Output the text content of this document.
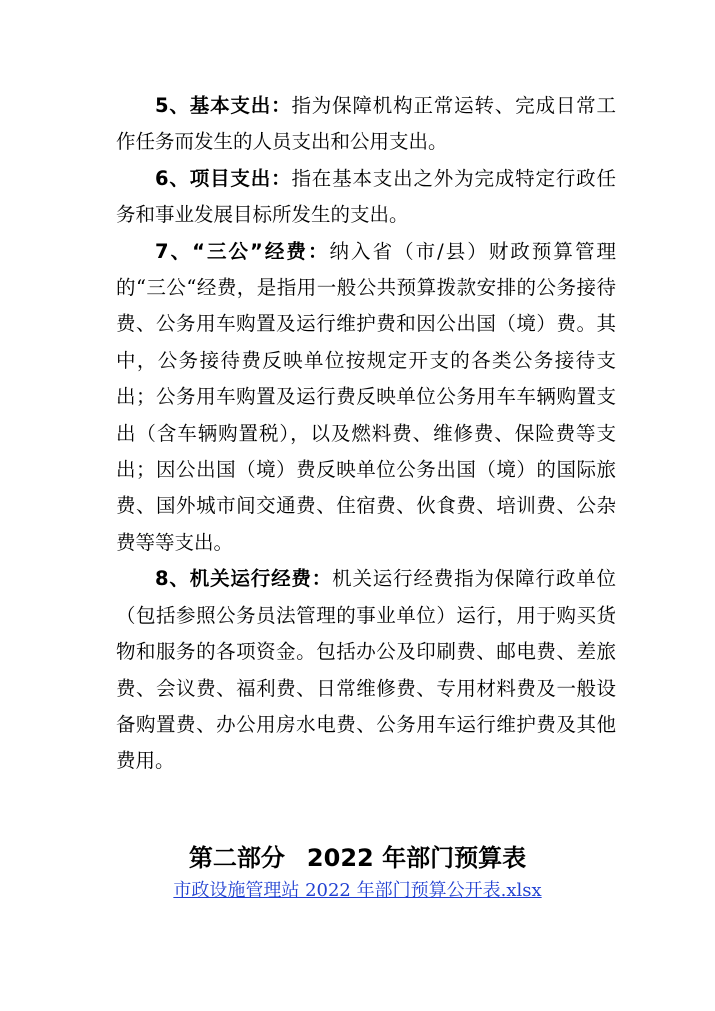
5、基本支出：指为保障机构正常运转、完成日常工作任务而发生的人员支出和公用支出。

6、项目支出：指在基本支出之外为完成特定行政任务和事业发展目标所发生的支出。

7、“三公”经费：纳入省（市/县）财政预算管理的“三公“经费，是指用一般公共预算拨款安排的公务接待费、公务用车购置及运行维护费和因公出国（境）费。其中，公务接待费反映单位按规定开支的各类公务接待支出；公务用车购置及运行费反映单位公务用车车辆购置支出（含车辆购置税），以及燃料费、维修费、保险费等支出；因公出国（境）费反映单位公务出国（境）的国际旅费、国外城市间交通费、住宿费、伙食费、培训费、公杂费等等支出。

8、机关运行经费：机关运行经费指为保障行政单位（包括参照公务员法管理的事业单位）运行，用于购买货物和服务的各项资金。包括办公及印刷费、邮电费、差旅费、会议费、福利费、日常维修费、专用材料费及一般设备购置费、办公用房水电费、公务用车运行维护费及其他费用。

第二部分 2022 年部门预算表
市政设施管理站 2022 年部门预算公开表.xlsx
